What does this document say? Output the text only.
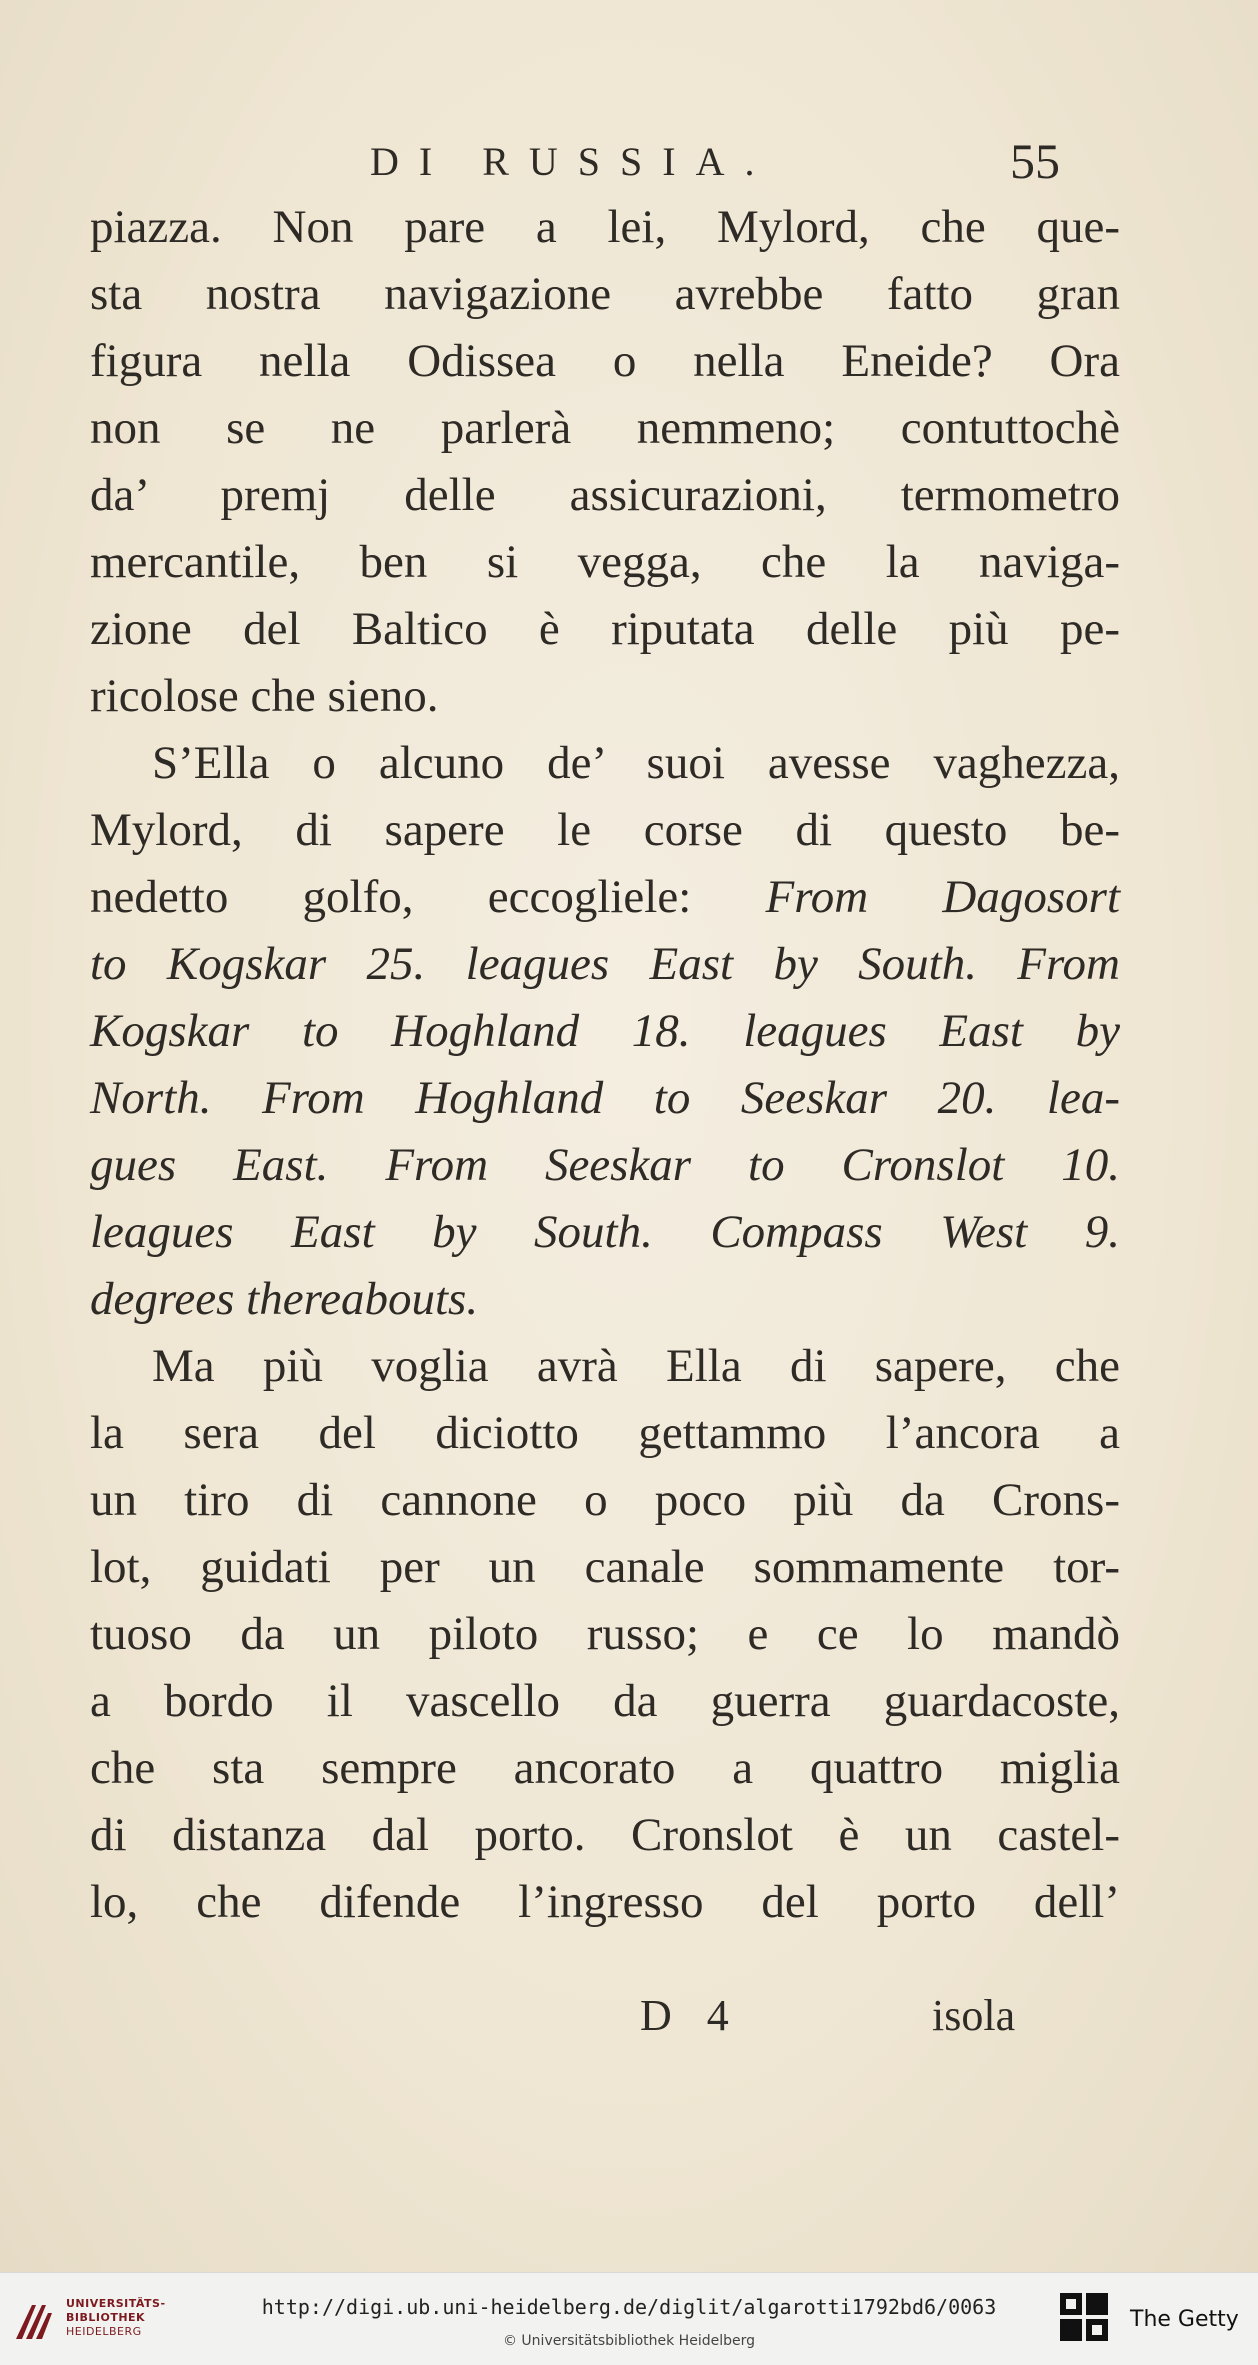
DI RUSSIA.	55
piazza. Non pare a lei, Mylord, che que-
sta nostra navigazione avrebbe fatto gran
figura nella Odissea o nella Eneide? Ora
non se ne parlerà nemmeno; contuttochè
da’ premj delle assicurazioni, termometro
mercantile, ben si vegga, che la naviga-
zione del Baltico è riputata delle più pe-
ricolose che sieno.
S’Ella o alcuno de’ suoi avesse vaghezza,
Mylord, di sapere le corse di questo be-
nedetto golfo, eccogliele: From Dagosort
to Kogskar 25. leagues East by South. From
Kogskar to Hoghland 18. leagues East by
North. From Hoghland to Seeskar 20. lea-
gues East. From Seeskar to Cronslot 10.
leagues East by South. Compass West 9.
degrees thereabouts.
Ma più voglia avrà Ella di sapere, che
la sera del diciotto gettammo l’ancora a
un tiro di cannone o poco più da Crons-
lot, guidati per un canale sommamente tor-
tuoso da un piloto russo; e ce lo mandò
a bordo il vascello da guerra guardacoste,
che sta sempre ancorato a quattro miglia
di distanza dal porto. Cronslot è un castel-
lo, che difende l’ingresso del porto dell’
D 4	isola
UNIVERSITÄTS-
BIBLIOTHEK
HEIDELBERG
http://digi.ub.uni-heidelberg.de/diglit/algarotti1792bd6/0063
© Universitätsbibliothek Heidelberg
The Getty
